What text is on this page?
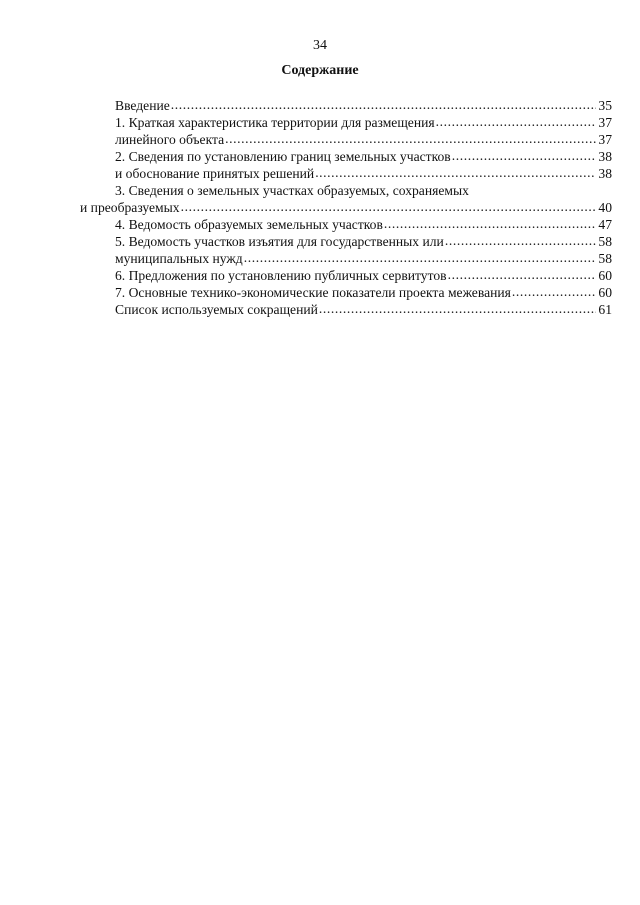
34
Содержание
Введение .....	35
1. Краткая характеристика территории для размещения .....	37
линейного объекта .....	37
2. Сведения по установлению границ земельных участков .....	38
и обоснование принятых решений .....	38
3. Сведения о земельных участках образуемых, сохраняемых
и преобразуемых .....	40
4. Ведомость образуемых земельных участков .....	47
5. Ведомость участков изъятия для государственных или .....	58
муниципальных нужд .....	58
6. Предложения по установлению публичных сервитутов .....	60
7. Основные технико-экономические показатели проекта межевания .....	60
Список используемых сокращений .....	61
